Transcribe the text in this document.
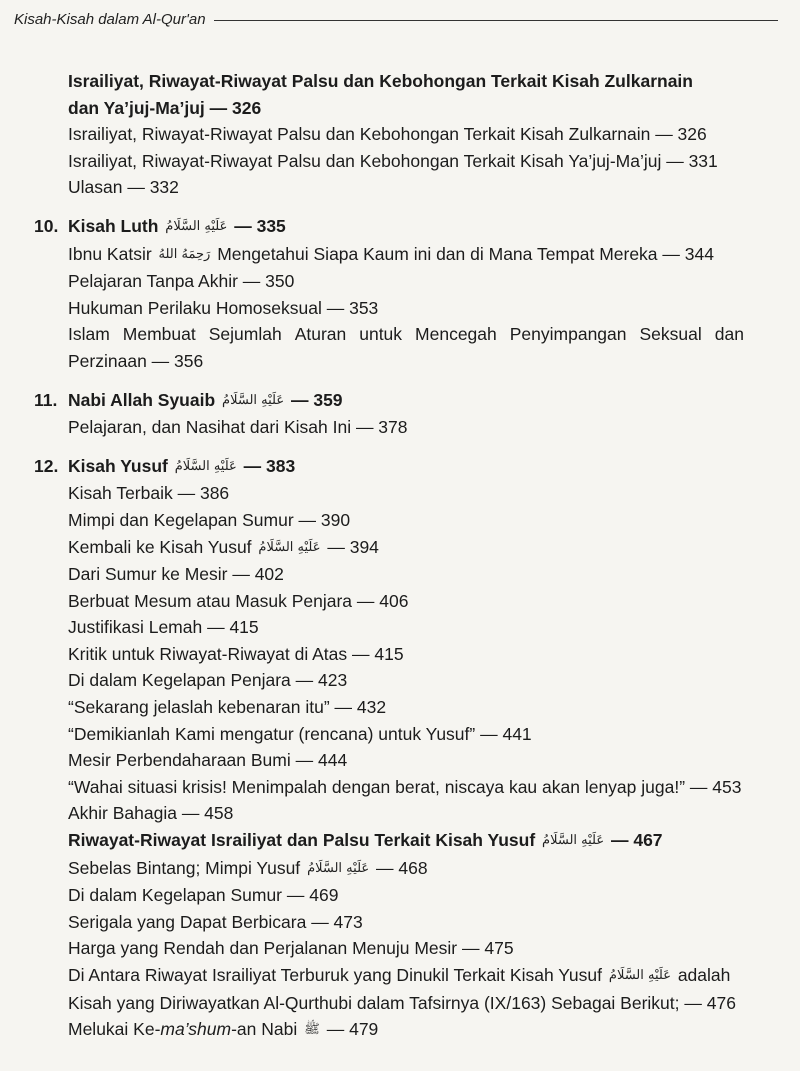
Kisah-Kisah dalam Al-Qur'an
Israiliyat, Riwayat-Riwayat Palsu dan Kebohongan Terkait Kisah Zulkarnain
dan Ya’juj-Ma’juj — 326
Israiliyat, Riwayat-Riwayat Palsu dan Kebohongan Terkait Kisah Zulkarnain — 326
Israiliyat, Riwayat-Riwayat Palsu dan Kebohongan Terkait Kisah Ya’juj-Ma’juj — 331
Ulasan — 332
10. Kisah Luth عَلَيْهِ السَّلَامُ — 335
Ibnu Katsir رَحِمَهُ اللهُ Mengetahui Siapa Kaum ini dan di Mana Tempat Mereka — 344
Pelajaran Tanpa Akhir — 350
Hukuman Perilaku Homoseksual — 353
Islam Membuat Sejumlah Aturan untuk Mencegah Penyimpangan Seksual dan
Perzinaan — 356
11. Nabi Allah Syuaib عَلَيْهِ السَّلَامُ — 359
Pelajaran, dan Nasihat dari Kisah Ini — 378
12. Kisah Yusuf عَلَيْهِ السَّلَامُ — 383
Kisah Terbaik — 386
Mimpi dan Kegelapan Sumur — 390
Kembali ke Kisah Yusuf عَلَيْهِ السَّلَامُ — 394
Dari Sumur ke Mesir — 402
Berbuat Mesum atau Masuk Penjara — 406
Justifikasi Lemah — 415
Kritik untuk Riwayat-Riwayat di Atas — 415
Di dalam Kegelapan Penjara — 423
“Sekarang jelaslah kebenaran itu” — 432
“Demikianlah Kami mengatur (rencana) untuk Yusuf” — 441
Mesir Perbendaharaan Bumi — 444
“Wahai situasi krisis! Menimpalah dengan berat, niscaya kau akan lenyap juga!” — 453
Akhir Bahagia — 458
Riwayat-Riwayat Israiliyat dan Palsu Terkait Kisah Yusuf عَلَيْهِ السَّلَامُ — 467
Sebelas Bintang; Mimpi Yusuf عَلَيْهِ السَّلَامُ — 468
Di dalam Kegelapan Sumur — 469
Serigala yang Dapat Berbicara — 473
Harga yang Rendah dan Perjalanan Menuju Mesir — 475
Di Antara Riwayat Israiliyat Terburuk yang Dinukil Terkait Kisah Yusuf عَلَيْهِ السَّلَامُ adalah
Kisah yang Diriwayatkan Al-Qurthubi dalam Tafsirnya (IX/163) Sebagai Berikut; — 476
Melukai Ke-ma’shum-an Nabi ﷺ — 479
